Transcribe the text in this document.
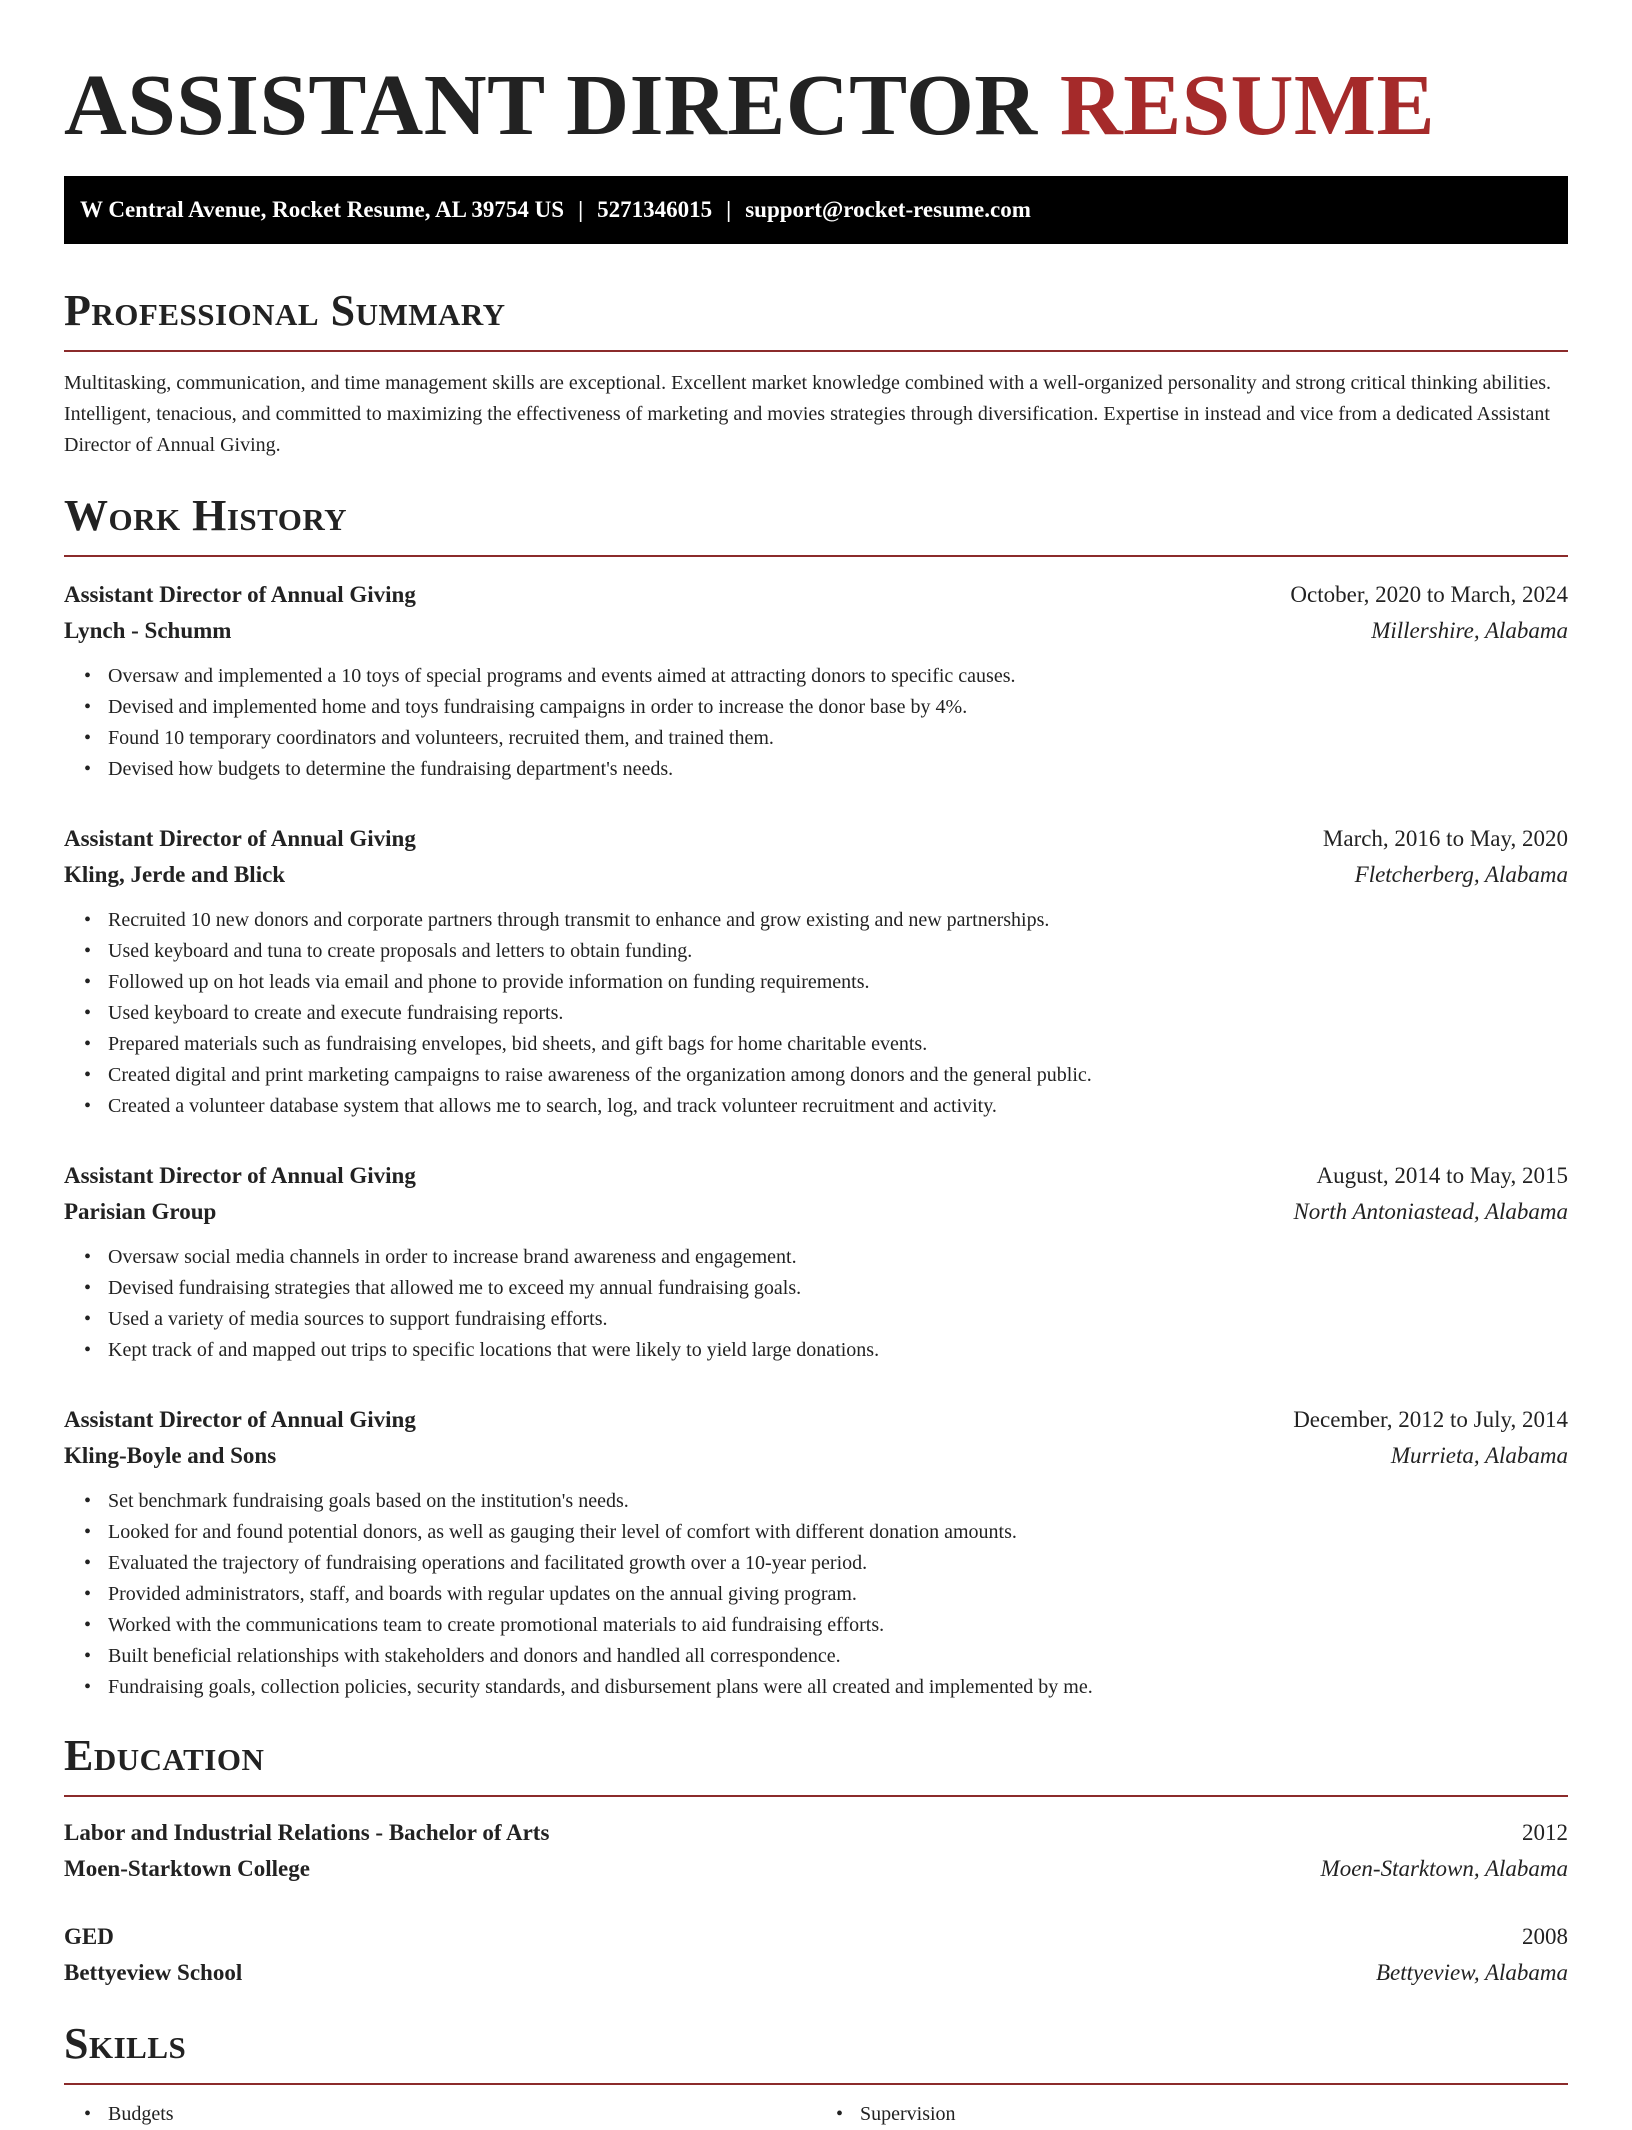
ASSISTANT DIRECTOR RESUME
W Central Avenue, Rocket Resume, AL 39754 US | 5271346015 | support@rocket-resume.com
Professional Summary

Multitasking, communication, and time management skills are exceptional. Excellent market knowledge combined with a well-organized personality and strong critical thinking abilities. Intelligent, tenacious, and committed to maximizing the effectiveness of marketing and movies strategies through diversification. Expertise in instead and vice from a dedicated Assistant Director of Annual Giving.

Work History
Assistant Director of Annual Giving	October, 2020 to March, 2024
Lynch - Schumm	Millershire, Alabama
• Oversaw and implemented a 10 toys of special programs and events aimed at attracting donors to specific causes.
• Devised and implemented home and toys fundraising campaigns in order to increase the donor base by 4%.
• Found 10 temporary coordinators and volunteers, recruited them, and trained them.
• Devised how budgets to determine the fundraising department's needs.
Assistant Director of Annual Giving	March, 2016 to May, 2020
Kling, Jerde and Blick	Fletcherberg, Alabama
• Recruited 10 new donors and corporate partners through transmit to enhance and grow existing and new partnerships.
• Used keyboard and tuna to create proposals and letters to obtain funding.
• Followed up on hot leads via email and phone to provide information on funding requirements.
• Used keyboard to create and execute fundraising reports.
• Prepared materials such as fundraising envelopes, bid sheets, and gift bags for home charitable events.
• Created digital and print marketing campaigns to raise awareness of the organization among donors and the general public.
• Created a volunteer database system that allows me to search, log, and track volunteer recruitment and activity.
Assistant Director of Annual Giving	August, 2014 to May, 2015
Parisian Group	North Antoniastead, Alabama
• Oversaw social media channels in order to increase brand awareness and engagement.
• Devised fundraising strategies that allowed me to exceed my annual fundraising goals.
• Used a variety of media sources to support fundraising efforts.
• Kept track of and mapped out trips to specific locations that were likely to yield large donations.
Assistant Director of Annual Giving	December, 2012 to July, 2014
Kling-Boyle and Sons	Murrieta, Alabama
• Set benchmark fundraising goals based on the institution's needs.
• Looked for and found potential donors, as well as gauging their level of comfort with different donation amounts.
• Evaluated the trajectory of fundraising operations and facilitated growth over a 10-year period.
• Provided administrators, staff, and boards with regular updates on the annual giving program.
• Worked with the communications team to create promotional materials to aid fundraising efforts.
• Built beneficial relationships with stakeholders and donors and handled all correspondence.
• Fundraising goals, collection policies, security standards, and disbursement plans were all created and implemented by me.
Education
Labor and Industrial Relations - Bachelor of Arts	2012
Moen-Starktown College	Moen-Starktown, Alabama
GED	2008
Bettyeview School	Bettyeview, Alabama
Skills
• Budgets
•	Supervision
